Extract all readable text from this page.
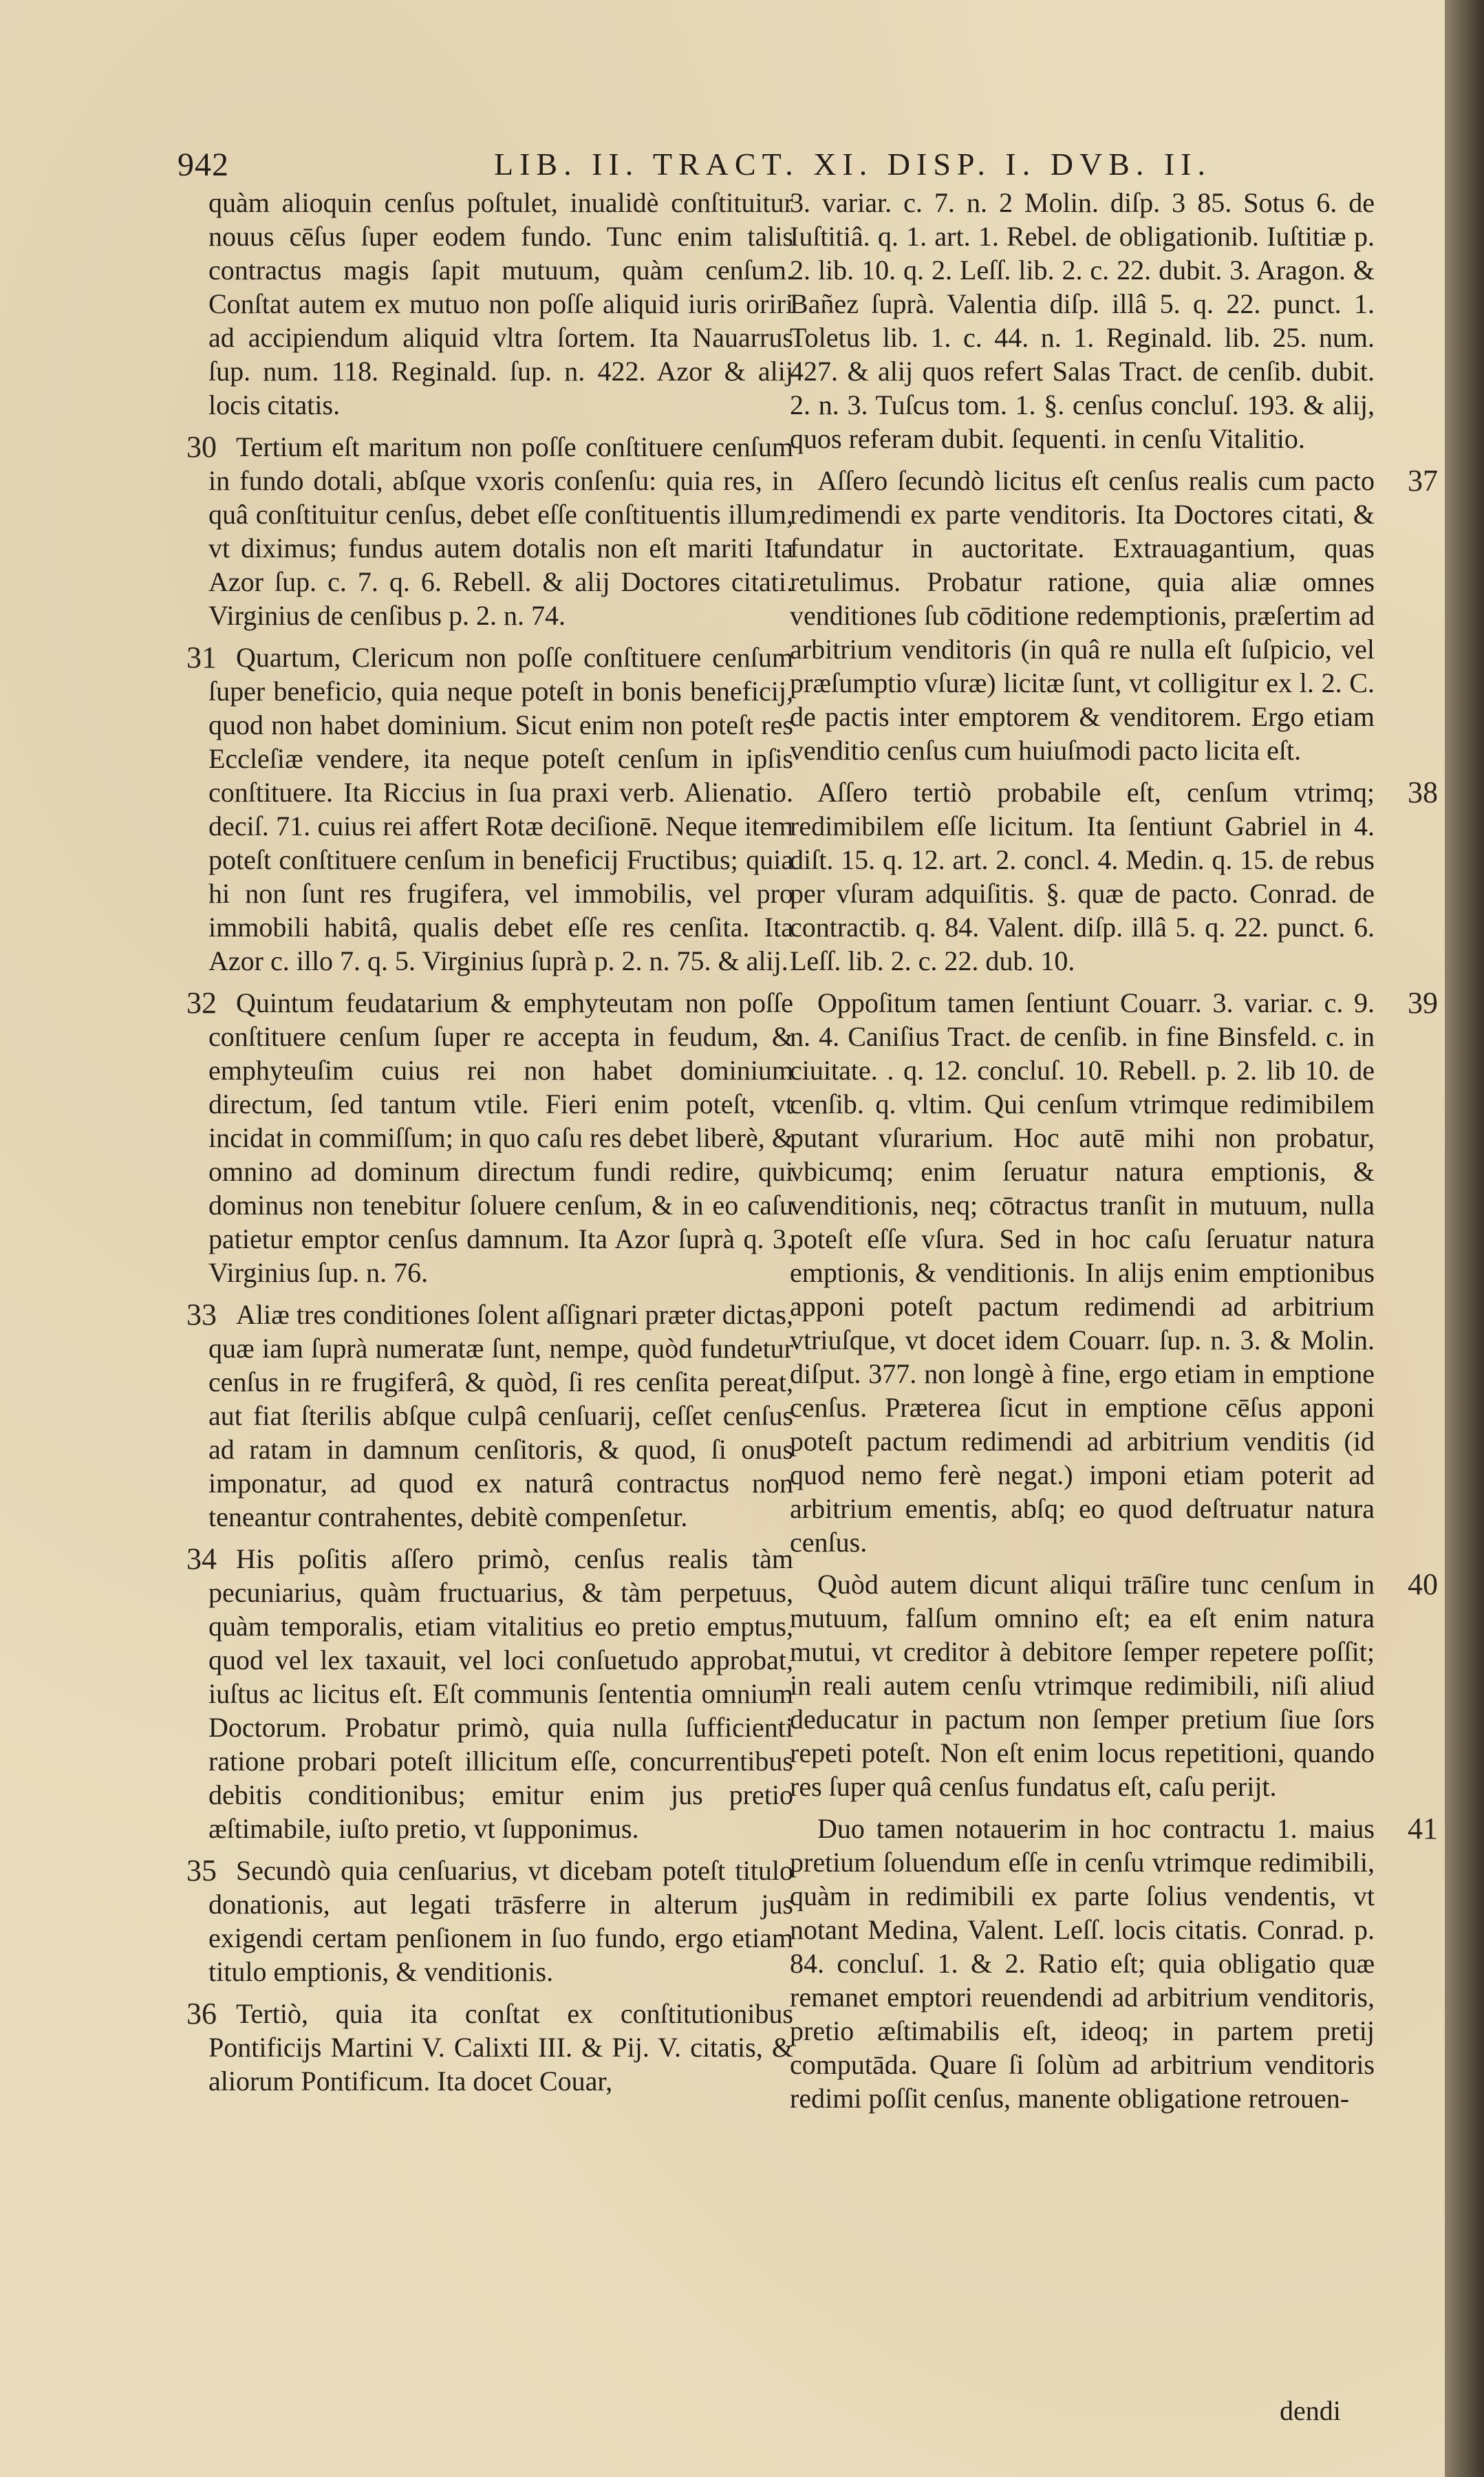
942	LIB. II. TRACT. XI. DISP. I. DVB. II.
quàm alioquin cenſus poſtulet, inualidè conſtituitur nouus cēſus ſuper eodem fundo. Tunc enim talis contractus magis ſapit mutuum, quàm cenſum. Conſtat autem ex mutuo non poſſe aliquid iuris oriri ad accipiendum aliquid vltra ſortem. Ita Nauarrus ſup. num. 118. Reginald. ſup. n. 422. Azor & alij locis citatis.
30 Tertium eſt maritum non poſſe conſtituere cenſum in fundo dotali, abſque vxoris conſenſu: quia res, in quâ conſtituitur cenſus, debet eſſe conſtituentis illum, vt diximus; fundus autem dotalis non eſt mariti Ita Azor ſup. c. 7. q. 6. Rebell. & alij Doctores citati. Virginius de cenſibus p. 2. n. 74.
31 Quartum, Clericum non poſſe conſtituere cenſum ſuper beneficio, quia neque poteſt in bonis beneficij, quod non habet dominium. Sicut enim non poteſt res Eccleſiæ vendere, ita neque poteſt cenſum in ipſis conſtituere. Ita Riccius in ſua praxi verb. Alienatio. deciſ. 71. cuius rei affert Rotæ deciſionē. Neque item poteſt conſtituere cenſum in beneficij Fructibus; quia hi non ſunt res frugifera, vel immobilis, vel pro immobili habitâ, qualis debet eſſe res cenſita. Ita Azor c. illo 7. q. 5. Virginius ſuprà p. 2. n. 75. & alij.
32 Quintum feudatarium & emphyteutam non poſſe conſtituere cenſum ſuper re accepta in feudum, & emphyteuſim cuius rei non habet dominium directum, ſed tantum vtile. Fieri enim poteſt, vt incidat in commiſſum; in quo caſu res debet liberè, & omnino ad dominum directum fundi redire, qui dominus non tenebitur ſoluere cenſum, & in eo caſu patietur emptor cenſus damnum. Ita Azor ſuprà q. 3. Virginius ſup. n. 76.
33 Aliæ tres conditiones ſolent aſſignari præter dictas, quæ iam ſuprà numeratæ ſunt, nempe, quòd fundetur cenſus in re frugiferâ, & quòd, ſi res cenſita pereat, aut fiat ſterilis abſque culpâ cenſuarij, ceſſet cenſus ad ratam in damnum cenſitoris, & quod, ſi onus imponatur, ad quod ex naturâ contractus non teneantur contrahentes, debitè compenſetur.
34 His poſitis aſſero primò, cenſus realis tàm pecuniarius, quàm fructuarius, & tàm perpetuus, quàm temporalis, etiam vitalitius eo pretio emptus, quod vel lex taxauit, vel loci conſuetudo approbat, iuſtus ac licitus eſt. Eſt communis ſententia omnium Doctorum. Probatur primò, quia nulla ſufficienti ratione probari poteſt illicitum eſſe, concurrentibus debitis conditionibus; emitur enim jus pretio æſtimabile, iuſto pretio, vt ſupponimus.
35 Secundò quia cenſuarius, vt dicebam poteſt titulo donationis, aut legati trāsferre in alterum jus exigendi certam penſionem in ſuo fundo, ergo etiam titulo emptionis, & venditionis.
36 Tertiò, quia ita conſtat ex conſtitutionibus Pontificijs Martini V. Calixti III. & Pij. V. citatis, & aliorum Pontificum. Ita docet Couar,
3. variar. c. 7. n. 2 Molin. diſp. 3 85. Sotus 6. de Iuſtitiâ. q. 1. art. 1. Rebel. de obligationib. Iuſtitiæ p. 2. lib. 10. q. 2. Leſſ. lib. 2. c. 22. dubit. 3. Aragon. & Bañez ſuprà. Valentia diſp. illâ 5. q. 22. punct. 1. Toletus lib. 1. c. 44. n. 1. Reginald. lib. 25. num. 427. & alij quos refert Salas Tract. de cenſib. dubit. 2. n. 3. Tuſcus tom. 1. §. cenſus concluſ. 193. & alij, quos referam dubit. ſequenti. in cenſu Vitalitio.
37
Aſſero ſecundò licitus eſt cenſus realis cum pacto redimendi ex parte venditoris. Ita Doctores citati, & fundatur in auctoritate. Extrauagantium, quas retulimus. Probatur ratione, quia aliæ omnes venditiones ſub cōditione redemptionis, præſertim ad arbitrium venditoris (in quâ re nulla eſt ſuſpicio, vel præſumptio vſuræ) licitæ ſunt, vt colligitur ex l. 2. C. de pactis inter emptorem & venditorem. Ergo etiam venditio cenſus cum huiuſmodi pacto licita eſt.
38
Aſſero tertiò probabile eſt, cenſum vtrimq; redimibilem eſſe licitum. Ita ſentiunt Gabriel in 4. diſt. 15. q. 12. art. 2. concl. 4. Medin. q. 15. de rebus per vſuram adquiſitis. §. quæ de pacto. Conrad. de contractib. q. 84. Valent. diſp. illâ 5. q. 22. punct. 6. Leſſ. lib. 2. c. 22. dub. 10.
39
Oppoſitum tamen ſentiunt Couarr. 3. variar. c. 9. n. 4. Caniſius Tract. de cenſib. in fine Binsfeld. c. in ciuitate. . q. 12. concluſ. 10. Rebell. p. 2. lib 10. de cenſib. q. vltim. Qui cenſum vtrimque redimibilem putant vſurarium. Hoc autē mihi non probatur, vbicumq; enim ſeruatur natura emptionis, & venditionis, neq; cōtractus tranſit in mutuum, nulla poteſt eſſe vſura. Sed in hoc caſu ſeruatur natura emptionis, & venditionis. In alijs enim emptionibus apponi poteſt pactum redimendi ad arbitrium vtriuſque, vt docet idem Couarr. ſup. n. 3. & Molin. diſput. 377. non longè à fine, ergo etiam in emptione cenſus. Præterea ſicut in emptione cēſus apponi poteſt pactum redimendi ad arbitrium venditis (id quod nemo ferè negat.) imponi etiam poterit ad arbitrium ementis, abſq; eo quod deſtruatur natura cenſus.
40
Quòd autem dicunt aliqui trāſire tunc cenſum in mutuum, falſum omnino eſt; ea eſt enim natura mutui, vt creditor à debitore ſemper repetere poſſit; in reali autem cenſu vtrimque redimibili, niſi aliud deducatur in pactum non ſemper pretium ſiue ſors repeti poteſt. Non eſt enim locus repetitioni, quando res ſuper quâ cenſus fundatus eſt, caſu perijt.
41
Duo tamen notauerim in hoc contractu 1. maius pretium ſoluendum eſſe in cenſu vtrimque redimibili, quàm in redimibili ex parte ſolius vendentis, vt notant Medina, Valent. Leſſ. locis citatis. Conrad. p. 84. concluſ. 1. & 2. Ratio eſt; quia obligatio quæ remanet emptori reuendendi ad arbitrium venditoris, pretio æſtimabilis eſt, ideoq; in partem pretij computāda. Quare ſi ſolùm ad arbitrium venditoris redimi poſſit cenſus, manente obligatione retrouen-
dendi
